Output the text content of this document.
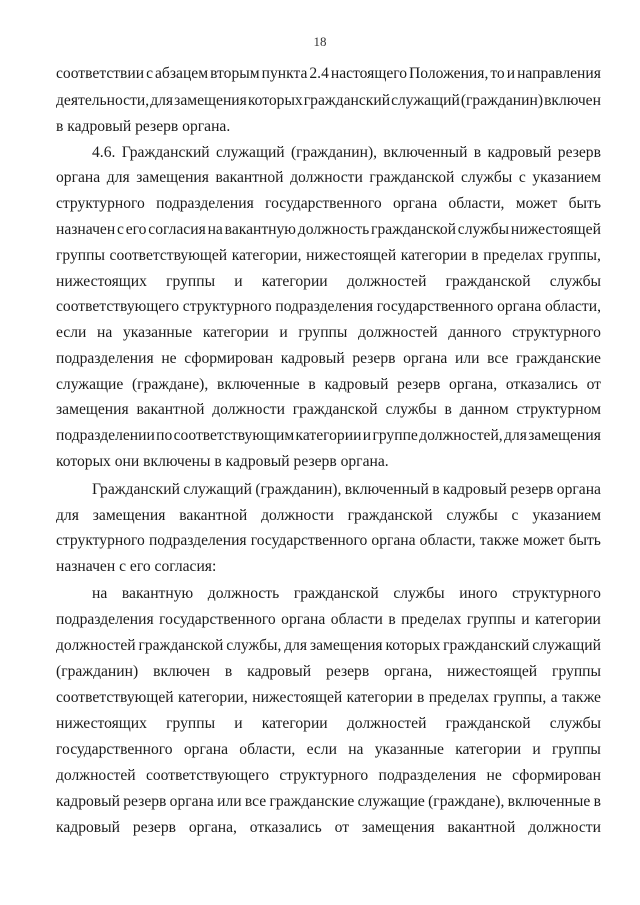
18
соответствии с абзацем вторым пункта 2.4 настоящего Положения, то и направления
деятельности, для замещения которых гражданский служащий (гражданин) включен
в кадровый резерв органа.
4.6. Гражданский служащий (гражданин), включенный в кадровый резерв
органа для замещения вакантной должности гражданской службы с указанием
структурного подразделения государственного органа области, может быть
назначен с его согласия на вакантную должность гражданской службы нижестоящей
группы соответствующей категории, нижестоящей категории в пределах группы,
нижестоящих группы и категории должностей гражданской службы
соответствующего структурного подразделения государственного органа области,
если на указанные категории и группы должностей данного структурного
подразделения не сформирован кадровый резерв органа или все гражданские
служащие (граждане), включенные в кадровый резерв органа, отказались от
замещения вакантной должности гражданской службы в данном структурном
подразделении по соответствующим категории и группе должностей, для замещения
которых они включены в кадровый резерв органа.
Гражданский служащий (гражданин), включенный в кадровый резерв органа
для замещения вакантной должности гражданской службы с указанием
структурного подразделения государственного органа области, также может быть
назначен с его согласия:
на вакантную должность гражданской службы иного структурного
подразделения государственного органа области в пределах группы и категории
должностей гражданской службы, для замещения которых гражданский служащий
(гражданин) включен в кадровый резерв органа, нижестоящей группы
соответствующей категории, нижестоящей категории в пределах группы, а также
нижестоящих группы и категории должностей гражданской службы
государственного органа области, если на указанные категории и группы
должностей соответствующего структурного подразделения не сформирован
кадровый резерв органа или все гражданские служащие (граждане), включенные в
кадровый резерв органа, отказались от замещения вакантной должности
